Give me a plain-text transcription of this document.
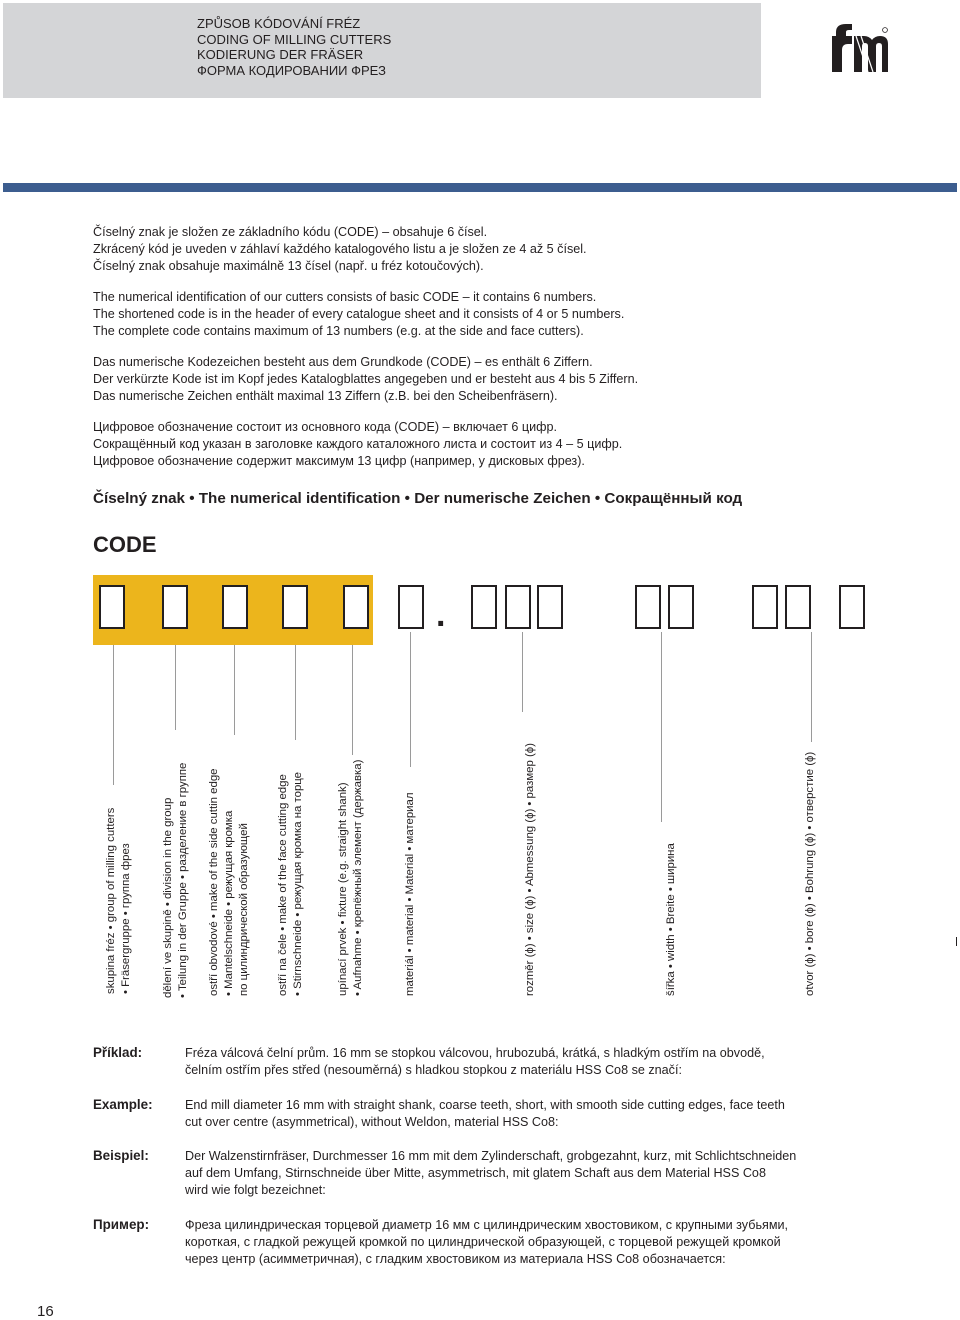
ZPŮSOB KÓDOVÁNÍ FRÉZ
CODING OF MILLING CUTTERS
KODIERUNG DER FRÄSER
ФОРМА КОДИРОВАНИИ ФРЕЗ

Číselný znak je složen ze základního kódu (CODE) – obsahuje 6 čísel.
Zkrácený kód je uveden v záhlaví každého katalogového listu a je složen ze 4 až 5 čísel.
Číselný znak obsahuje maximálně 13 čísel (např. u fréz kotoučových).

The numerical identification of our cutters consists of basic CODE – it contains 6 numbers.
The shortened code is in the header of every catalogue sheet and it consists of 4 or 5 numbers.
The complete code contains maximum of 13 numbers (e.g. at the side and face cutters).

Das numerische Kodezeichen besteht aus dem Grundkode (CODE) – es enthält 6 Ziffern.
Der verkürzte Kode ist im Kopf jedes Katalogblattes angegeben und er besteht aus 4 bis 5 Ziffern.
Das numerische Zeichen enthält maximal 13 Ziffern (z.B. bei den Scheibenfräsern).

Цифровое обозначение состоит из основного кода (CODE) – включает 6 цифр.
Сокращённый код указан в заголовке каждого каталожного листа и состоит из 4 – 5 цифр.
Цифровое обозначение содержит максимум 13 цифр (например, у дисковых фрез).

Číselný znak • The numerical identification • Der numerische Zeichen • Сокращённый код
CODE
.
skupina fréz • group of milling cutters • Fräsergruppe • группа фрез	dělení ve skupině • division in the group • Teilung in der Gruppe • разделение в группе ostří obvodové • make of the side cuttin edge • Mantelschneide • режущая кромка по цилиндрической образующей ostří na čele • make of the face cutting edge • Stirnschneide • режущая кромка на торце	upínací prvek • fixture (e.g. straight shank) • Aufnahme • крепёжный элемент (державка)	materiál • material • Material • материал	rozměr (ϕ) • size (ϕ) • Abmessung (ϕ) • размер (ϕ)	šířka • width • Breite • ширина	otvor (ϕ) • bore (ϕ) • Bohrung (ϕ) • отверстие (ϕ)
Příklad:	Fréza válcová čelní prům. 16 mm se stopkou válcovou, hrubozubá, krátká, s hladkým ostřím na obvodě,
čelním ostřím přes střed (nesouměrná) s hladkou stopkou z materiálu HSS Co8 se značí:
Example:	End mill diameter 16 mm with straight shank, coarse teeth, short, with smooth side cutting edges, face teeth
cut over centre (asymmetrical), without Weldon, material HSS Co8:
Beispiel:	Der Walzenstirnfräser, Durchmesser 16 mm mit dem Zylinderschaft, grobgezahnt, kurz, mit Schlichtschneiden
auf dem Umfang, Stirnschneide über Mitte, asymmetrisch, mit glatem Schaft aus dem Material HSS Co8
wird wie folgt bezeichnet:
Пример:	Фреза цилиндрическая торцевой диаметр 16 мм с цилиндрическим хвостовиком, с крупными зубьями,
короткая, с гладкой режущей кромкой по цилиндрической образующей, с торцевой режущей кромкой
через центр (асимметричная), с гладким хвостовиком из материала HSS Co8 обозначается:
16
